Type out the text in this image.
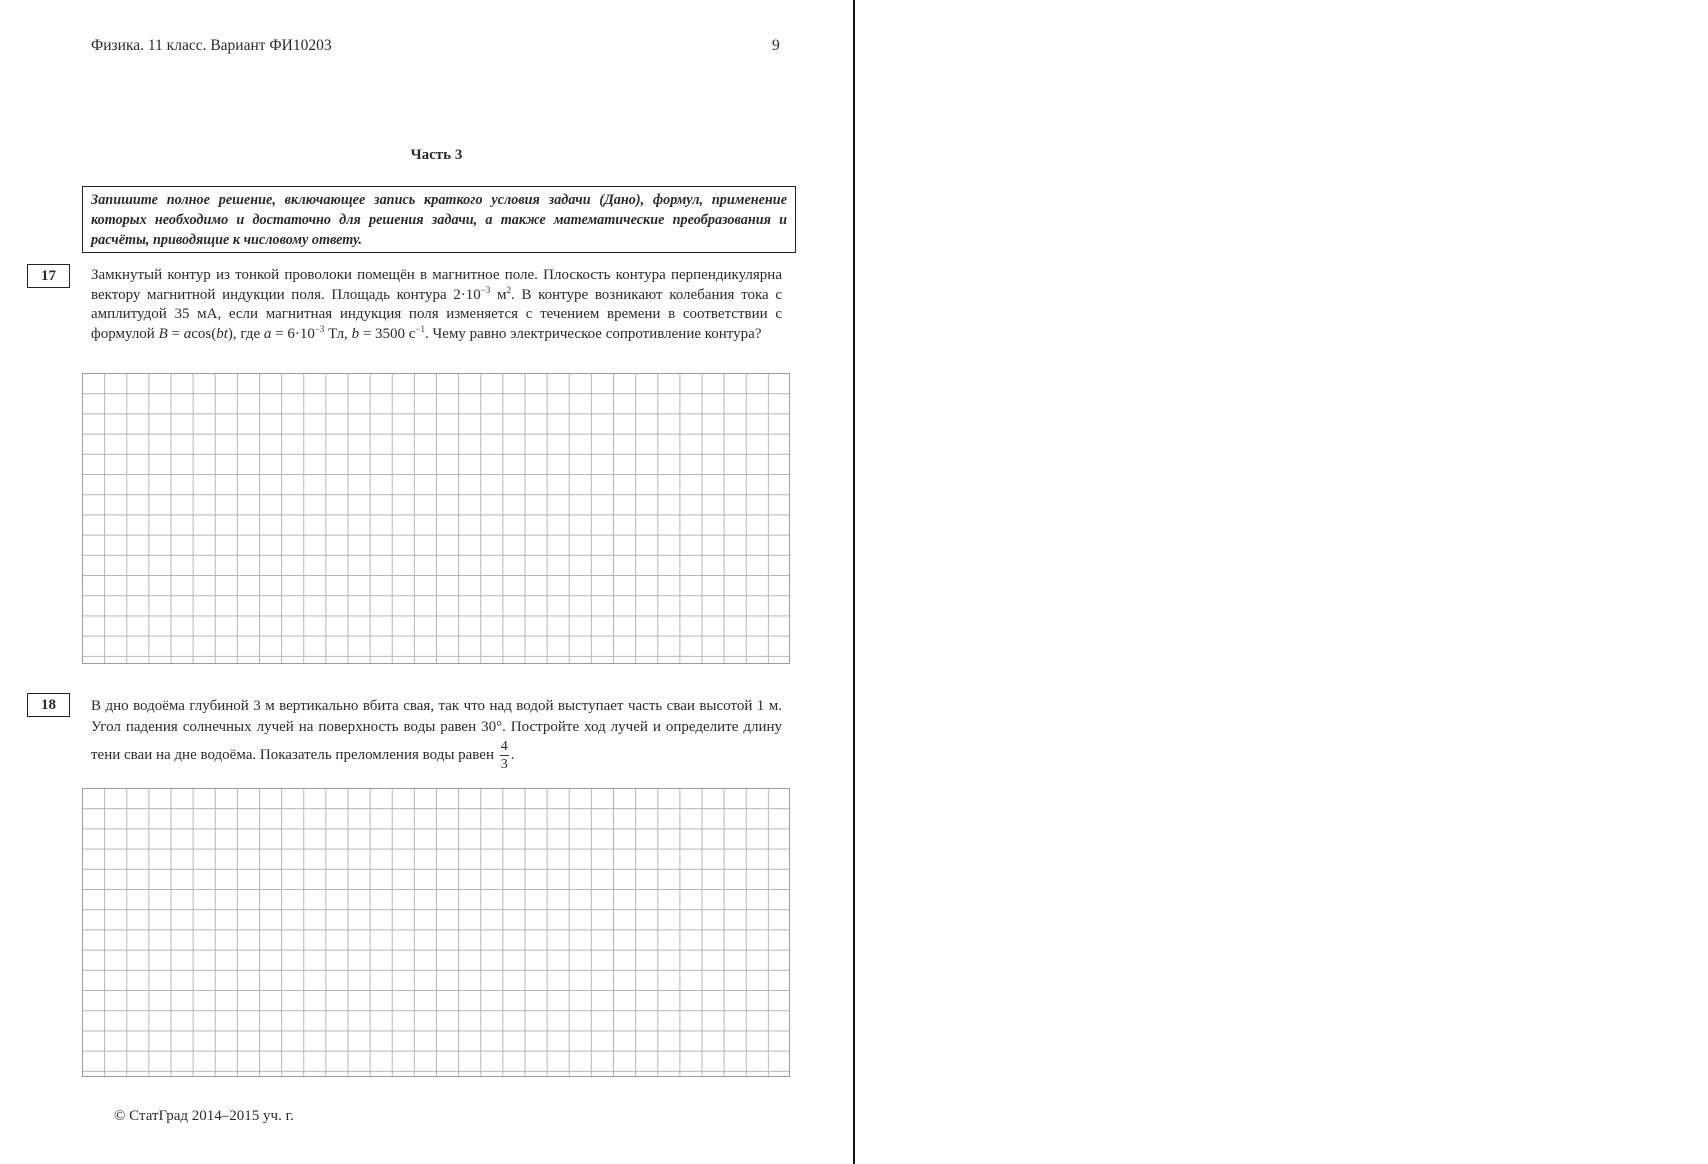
Физика. 11 класс. Вариант ФИ10203	9
Часть 3
Запишите полное решение, включающее запись краткого условия задачи (Дано), формул, применение которых необходимо и достаточно для решения задачи, а также математические преобразования и расчёты, приводящие к числовому ответу.
17	Замкнутый контур из тонкой проволоки помещён в магнитное поле. Плоскость контура перпендикулярна вектору магнитной индукции поля. Площадь контура $2\cdot 10^{-3}$ $м^2$. В контуре возникают колебания тока с амплитудой 35 мА, если магнитная индукция поля изменяется с течением времени в соответствии с формулой B = acos(bt), где $a = 6\cdot 10^{-3}$ Тл, b = 3500 $с^{-1}$. Чему равно электрическое сопротивление контура?
18	В дно водоёма глубиной 3 м вертикально вбита свая, так что над водой выступает часть сваи высотой 1 м. Угол падения солнечных лучей на поверхность воды равен 30°. Постройте ход лучей и определите длину тени сваи на дне водоёма. Показатель преломления воды равен $\frac{4}{3}$ .
© СтатГрад 2014–2015 уч. г.
